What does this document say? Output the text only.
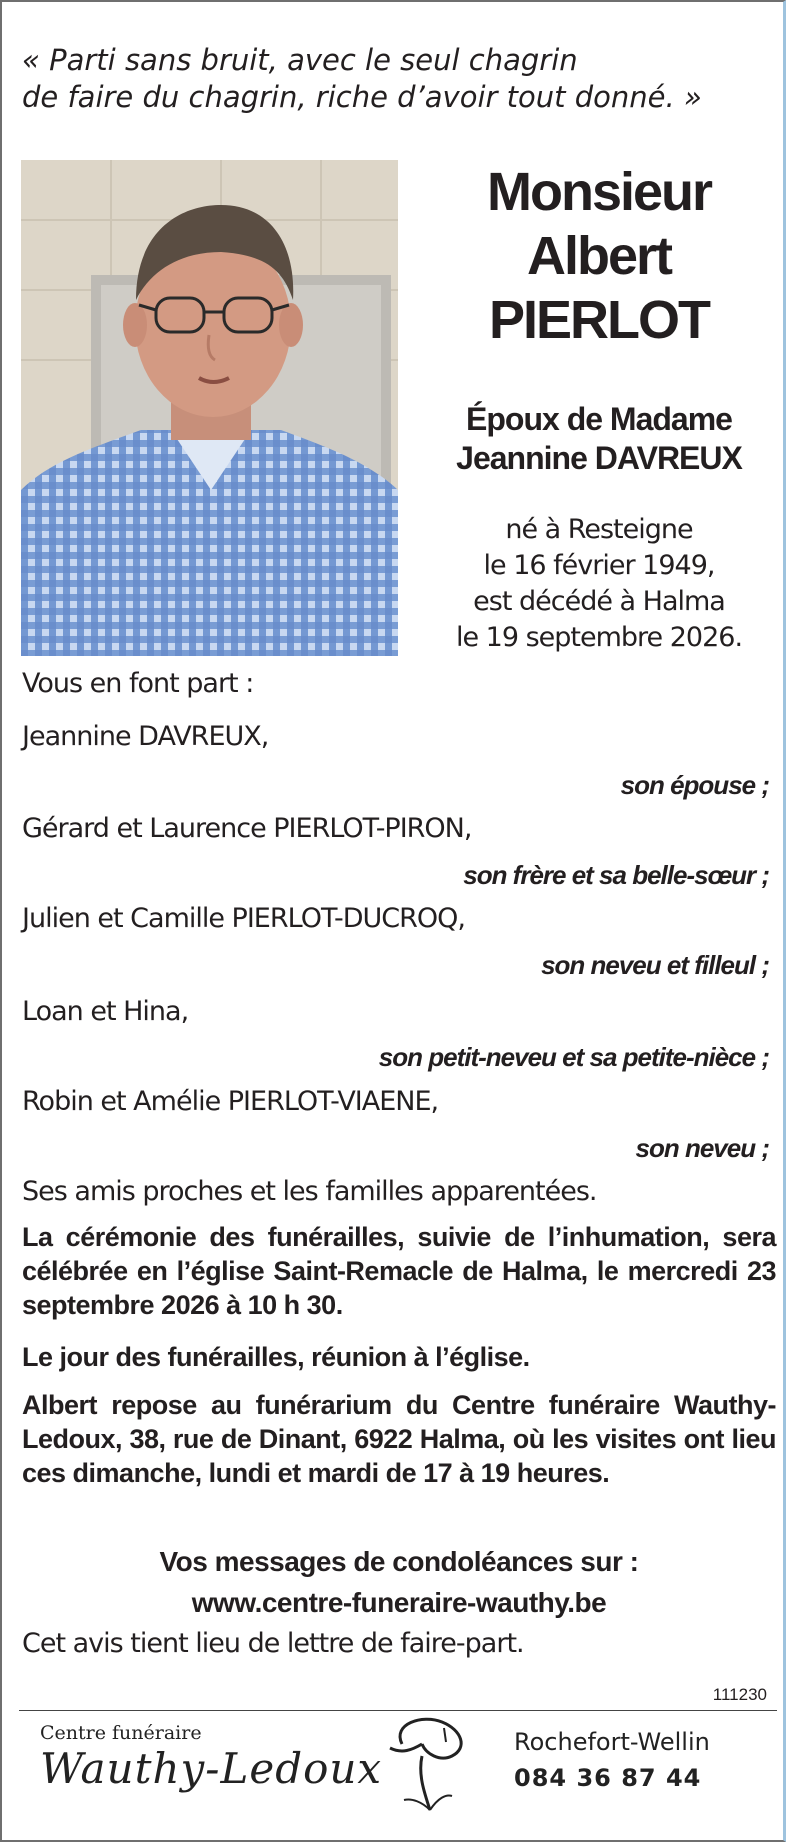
« Parti sans bruit, avec le seul chagrin

de faire du chagrin, riche d’avoir tout donné. »

Monsieur
Albert
PIERLOT
Époux de Madame
Jeannine DAVREUX
né à Resteigne
le 16 février 1949,
est décédé à Halma
le 19 septembre 2026.
Vous en font part :
Jeannine DAVREUX,
son épouse ;
Gérard et Laurence PIERLOT-PIRON,
son frère et sa belle-sœur ;
Julien et Camille PIERLOT-DUCROQ,
son neveu et filleul ;
Loan et Hina,
son petit-neveu et sa petite-nièce ;
Robin et Amélie PIERLOT-VIAENE,
son neveu ;
Ses amis proches et les familles apparentées.
La cérémonie des funérailles, suivie de l’inhumation, sera célébrée en l’église Saint-Remacle de Halma, le mercredi 23 septembre 2026 à 10 h 30.
Le jour des funérailles, réunion à l’église.
Albert repose au funérarium du Centre funéraire Wauthy-Ledoux, 38, rue de Dinant, 6922 Halma, où les visites ont lieu ces dimanche, lundi et mardi de 17 à 19 heures.
Vos messages de condoléances sur :
www.centre-funeraire-wauthy.be
Cet avis tient lieu de lettre de faire-part.
111230
Centre funéraire
Wauthy-Ledoux
Rochefort-Wellin
084 36 87 44
